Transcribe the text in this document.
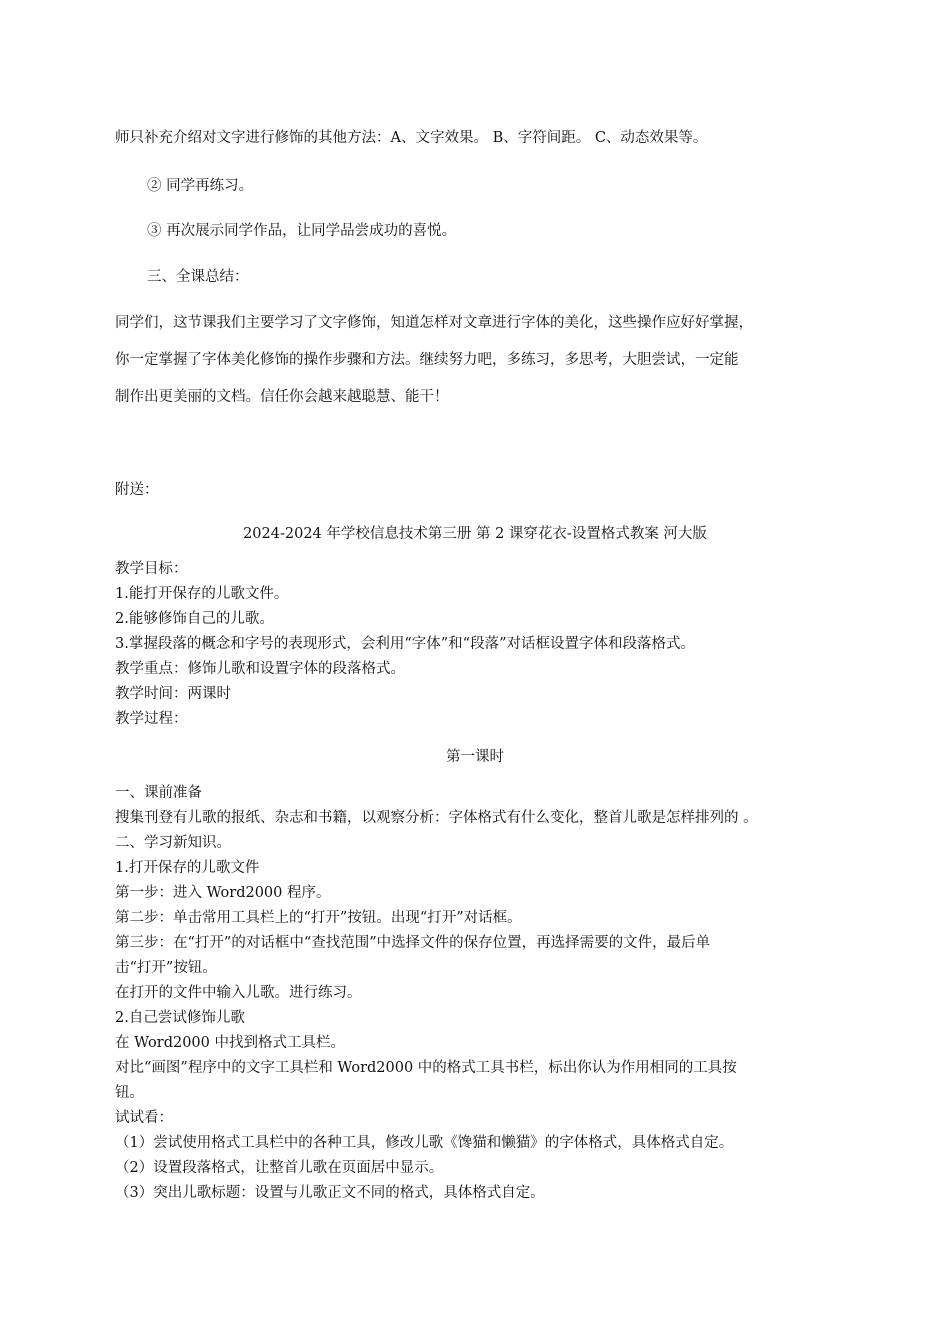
师只补充介绍对文字进行修饰的其他方法：A、文字效果。 B、字符间距。 C、动态效果等。
② 同学再练习。
③ 再次展示同学作品，让同学品尝成功的喜悦。
三、全课总结：
同学们，这节课我们主要学习了文字修饰，知道怎样对文章进行字体的美化，这些操作应好好掌握，
你一定掌握了字体美化修饰的操作步骤和方法。继续努力吧，多练习，多思考，大胆尝试，一定能
制作出更美丽的文档。信任你会越来越聪慧、能干！
附送：
2024-2024 年学校信息技术第三册 第 2 课穿花衣-设置格式教案 河大版
教学目标：
1.能打开保存的儿歌文件。
2.能够修饰自己的儿歌。
3.掌握段落的概念和字号的表现形式，会利用“字体”和“段落”对话框设置字体和段落格式。
教学重点：修饰儿歌和设置字体的段落格式。
教学时间：两课时
教学过程：
第一课时
一、课前准备
搜集刊登有儿歌的报纸、杂志和书籍，以观察分析：字体格式有什么变化，整首儿歌是怎样排列的 。
二、学习新知识。
1.打开保存的儿歌文件
第一步：进入 Word2000 程序。
第二步：单击常用工具栏上的“打开”按钮。出现“打开”对话框。
第三步：在“打开”的对话框中“查找范围”中选择文件的保存位置，再选择需要的文件，最后单
击“打开”按钮。
在打开的文件中输入儿歌。进行练习。
2.自己尝试修饰儿歌
在 Word2000 中找到格式工具栏。
对比“画图”程序中的文字工具栏和 Word2000 中的格式工具书栏，标出你认为作用相同的工具按
钮。
试试看：
（1）尝试使用格式工具栏中的各种工具，修改儿歌《馋猫和懒猫》的字体格式，具体格式自定。
（2）设置段落格式，让整首儿歌在页面居中显示。
（3）突出儿歌标题：设置与儿歌正文不同的格式，具体格式自定。
